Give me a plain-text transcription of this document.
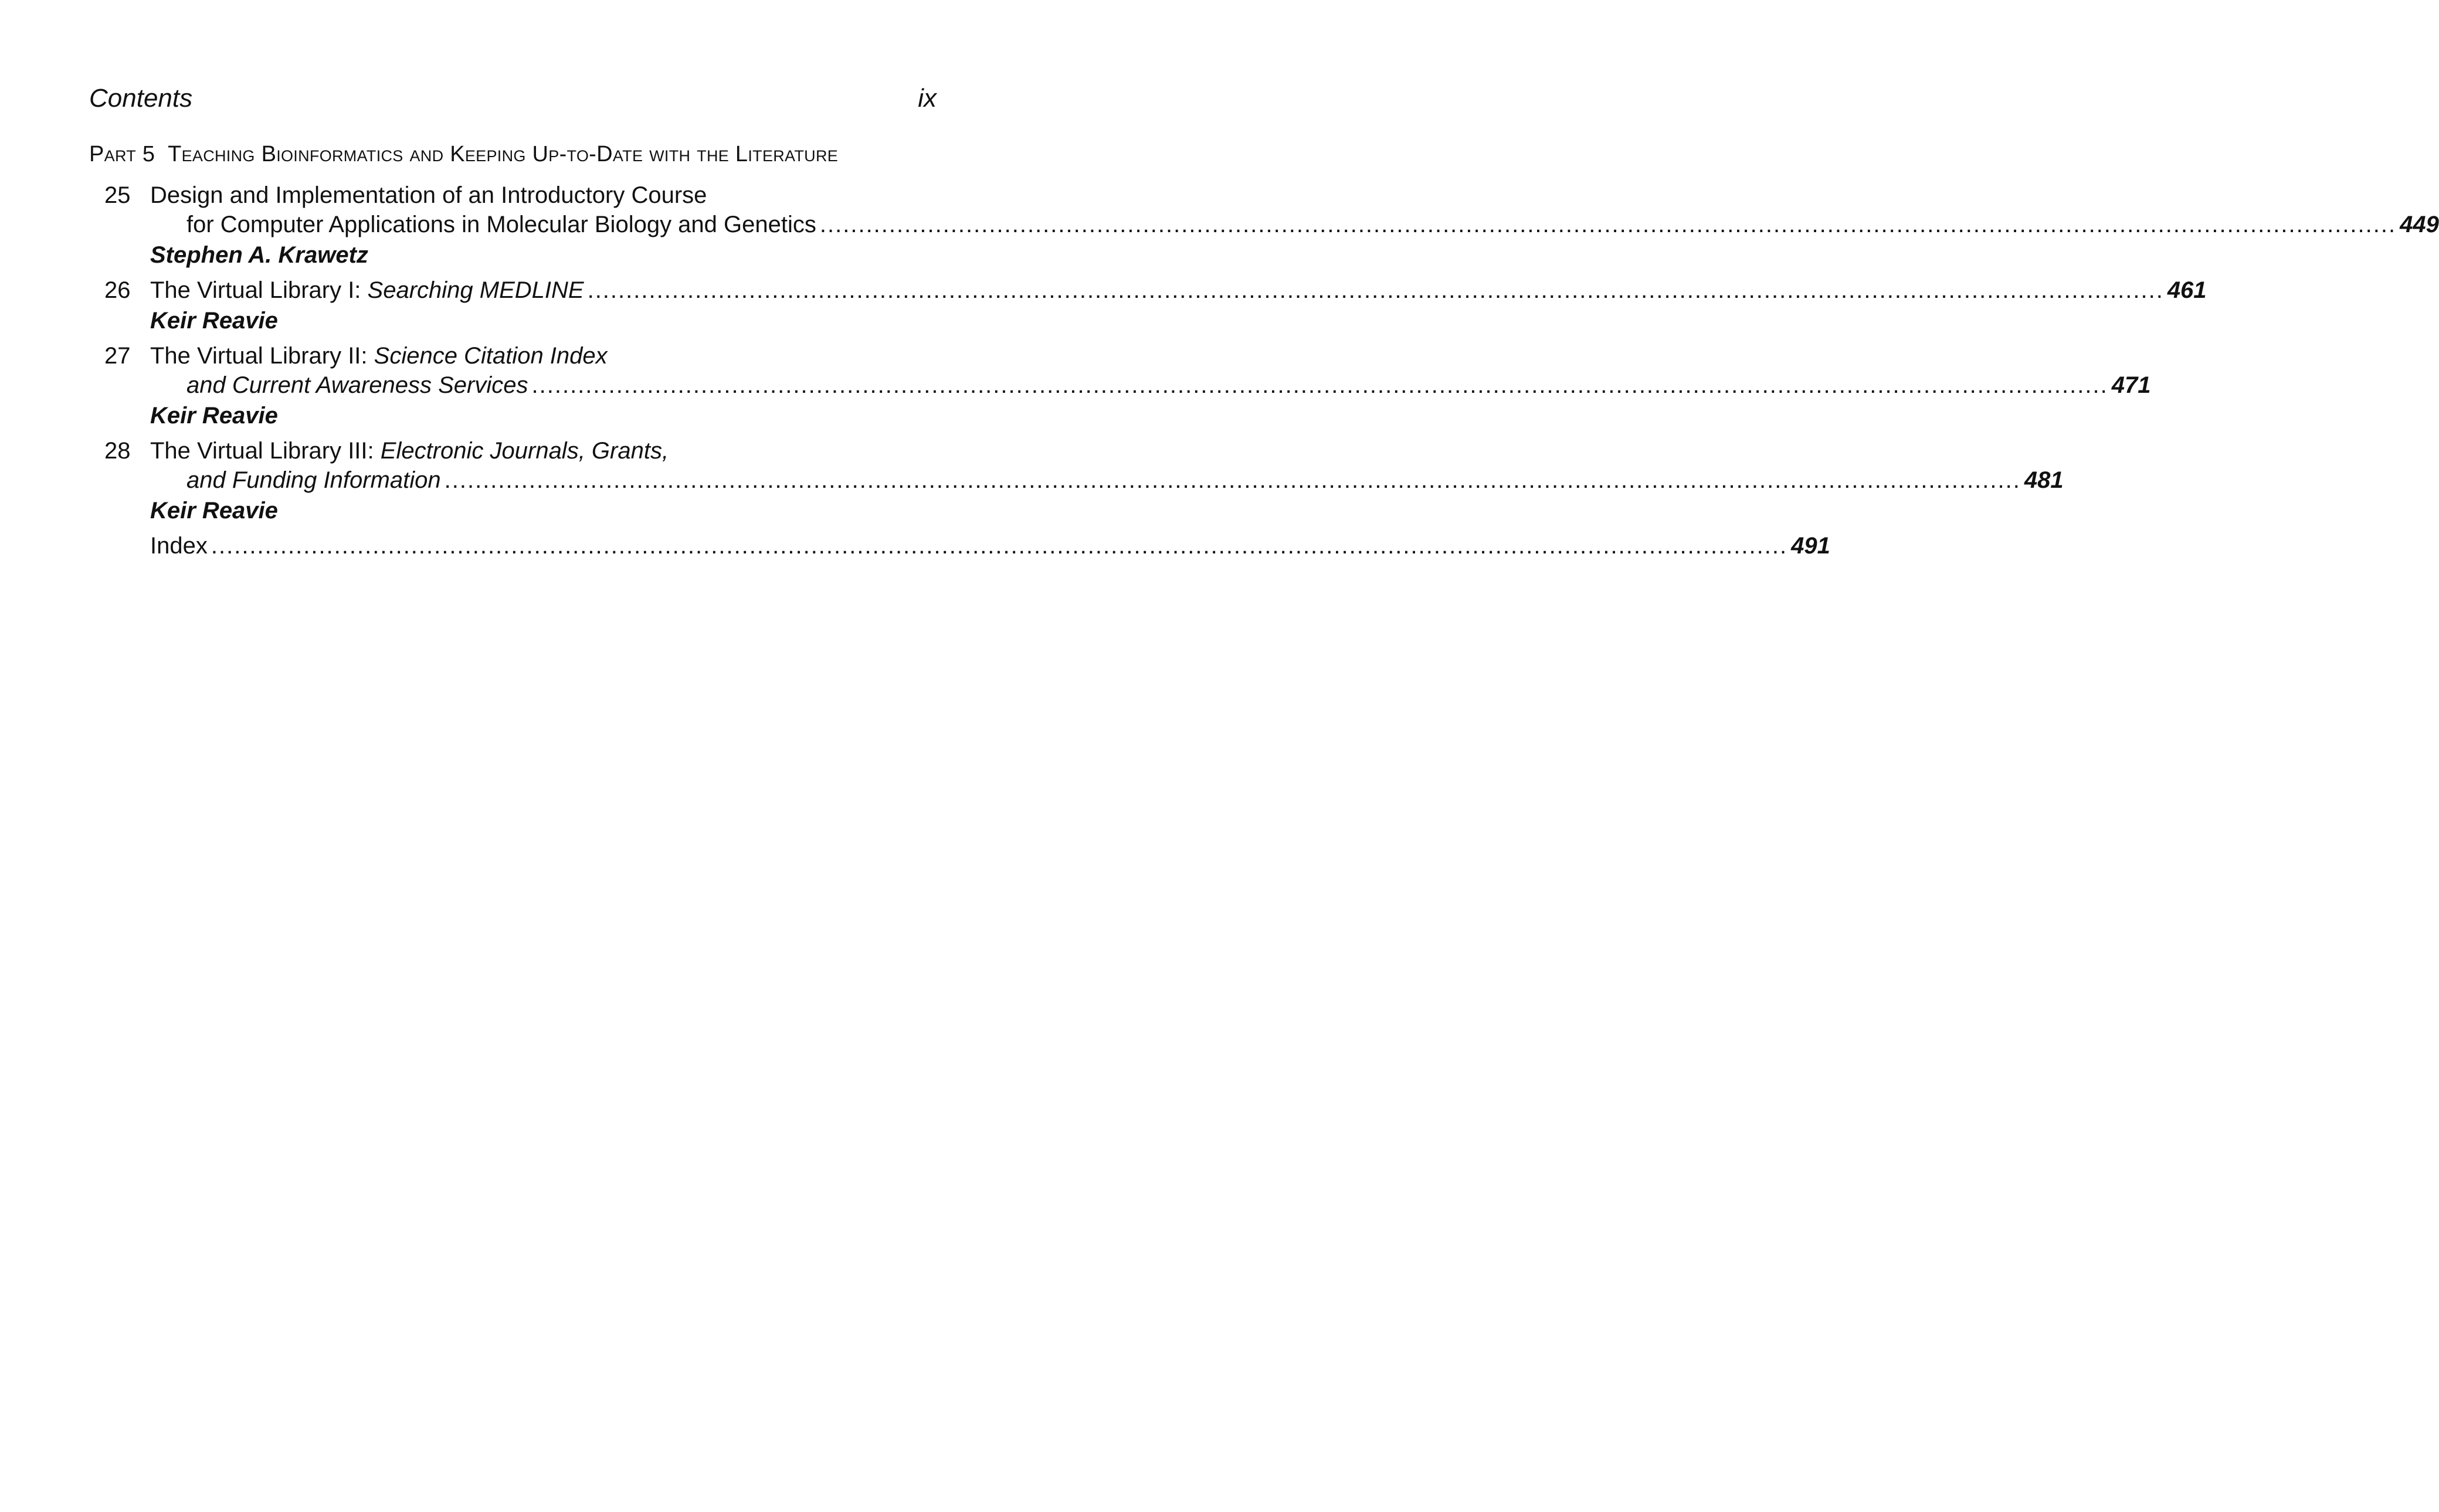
Contents	ix
Part 5 Teaching Bioinformatics and Keeping Up-to-Date with the Literature
25 Design and Implementation of an Introductory Course
for Computer Applications in Molecular Biology and Genetics ............................................................................................................................................................................................................. 449
Stephen A. Krawetz
26 The Virtual Library I: Searching MEDLINE ............................................................................................................................................................................................................. 461
Keir Reavie
27 The Virtual Library II: Science Citation Index
and Current Awareness Services ............................................................................................................................................................................................................. 471
Keir Reavie
28 The Virtual Library III: Electronic Journals, Grants,
and Funding Information ............................................................................................................................................................................................................. 481
Keir Reavie
Index ............................................................................................................................................................................................................. 491
